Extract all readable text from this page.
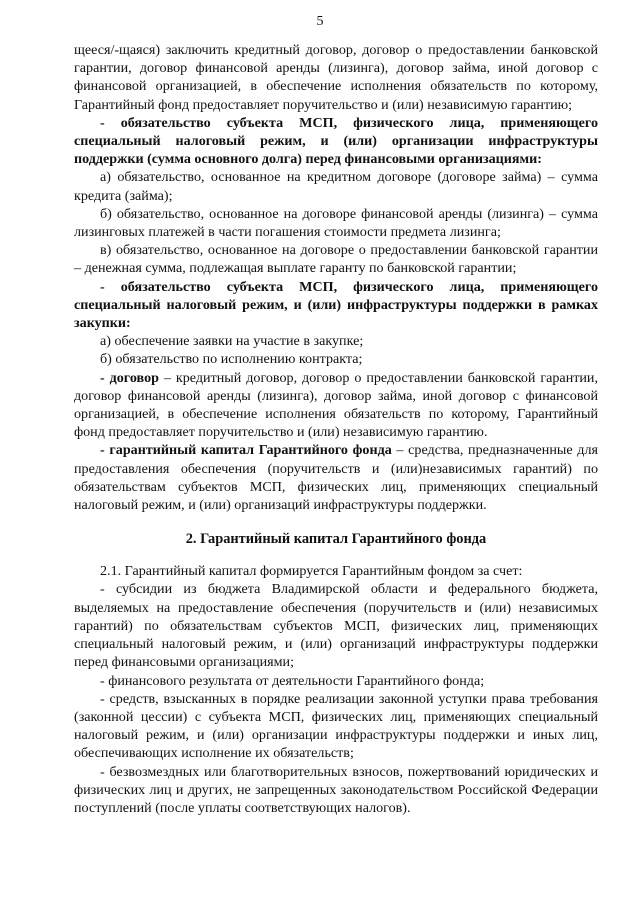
5

щееся/-щаяся) заключить кредитный договор, договор о предоставлении банковской гарантии, договор финансовой аренды (лизинга), договор займа, иной договор с финансовой организацией, в обеспечение исполнения обязательств по которому, Гарантийный фонд предоставляет поручительство и (или) независимую гарантию;

- обязательство субъекта МСП, физического лица, применяющего специальный налоговый режим, и (или) организации инфраструктуры поддержки (сумма основного долга) перед финансовыми организациями:

а) обязательство, основанное на кредитном договоре (договоре займа) – сумма кредита (займа);

б) обязательство, основанное на договоре финансовой аренды (лизинга) – сумма лизинговых платежей в части погашения стоимости предмета лизинга;

в) обязательство, основанное на договоре о предоставлении банковской гарантии – денежная сумма, подлежащая выплате гаранту по банковской гарантии;

- обязательство субъекта МСП, физического лица, применяющего специальный налоговый режим, и (или) инфраструктуры поддержки в рамках закупки:

а) обеспечение заявки на участие в закупке;

б) обязательство по исполнению контракта;

- договор – кредитный договор, договор о предоставлении банковской гарантии, договор финансовой аренды (лизинга), договор займа, иной договор с финансовой организацией, в обеспечение исполнения обязательств по которому, Гарантийный фонд предоставляет поручительство и (или) независимую гарантию.

- гарантийный капитал Гарантийного фонда – средства, предназначенные для предоставления обеспечения (поручительств и (или)независимых гарантий) по обязательствам субъектов МСП, физических лиц, применяющих специальный налоговый режим, и (или) организаций инфраструктуры поддержки.

2. Гарантийный капитал Гарантийного фонда

2.1. Гарантийный капитал формируется Гарантийным фондом за счет:

- субсидии из бюджета Владимирской области и федерального бюджета, выделяемых на предоставление обеспечения (поручительств и (или) независимых гарантий) по обязательствам субъектов МСП, физических лиц, применяющих специальный налоговый режим, и (или) организаций инфраструктуры поддержки перед финансовыми организациями;

- финансового результата от деятельности Гарантийного фонда;

- средств, взысканных в порядке реализации законной уступки права требования (законной цессии) с субъекта МСП, физических лиц, применяющих специальный налоговый режим, и (или) организации инфраструктуры поддержки и иных лиц, обеспечивающих исполнение их обязательств;

- безвозмездных или благотворительных взносов, пожертвований юридических и физических лиц и других, не запрещенных законодательством Российской Федерации поступлений (после уплаты соответствующих налогов).
